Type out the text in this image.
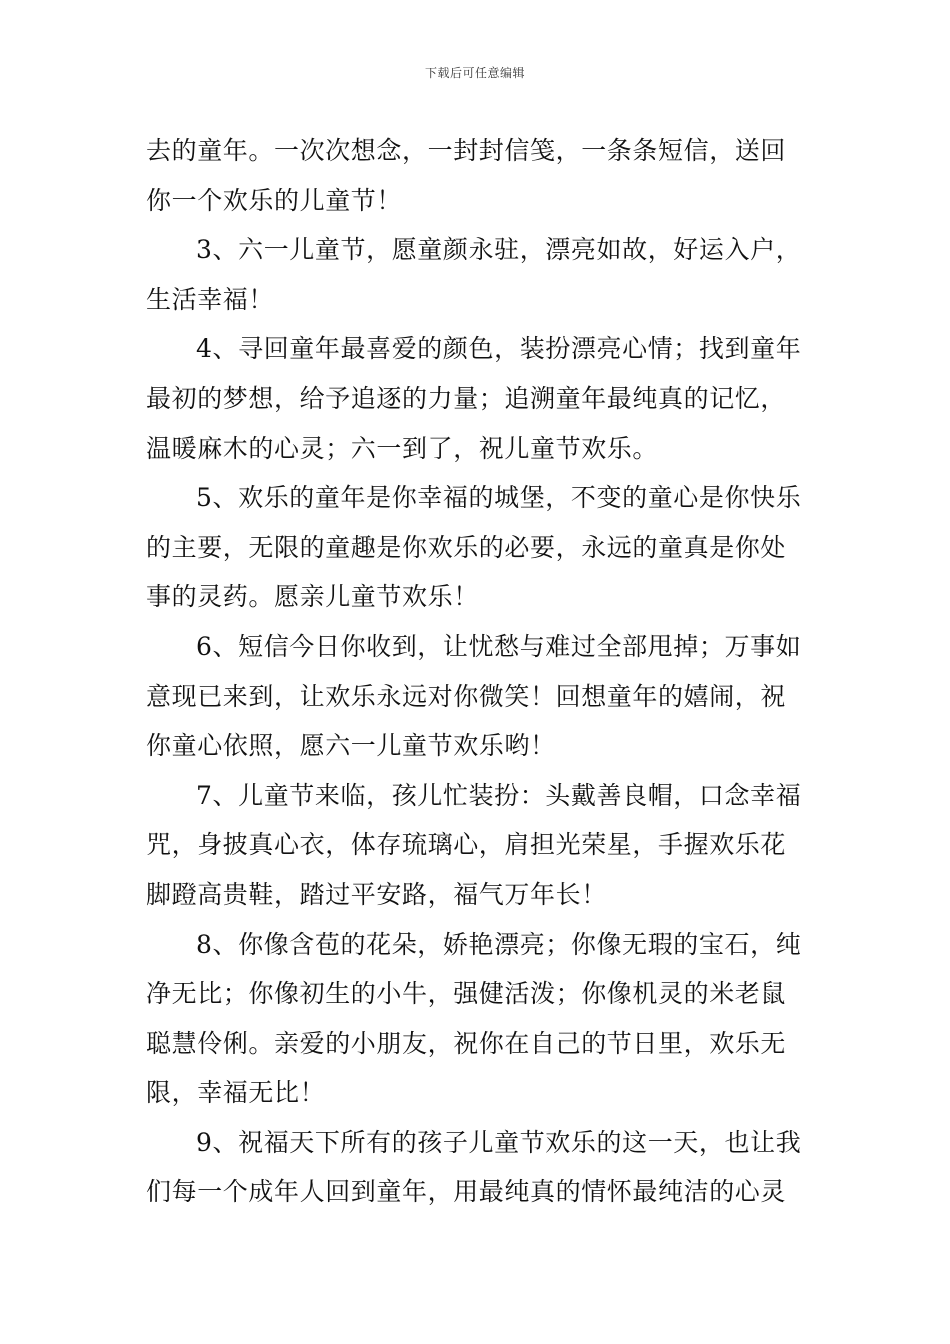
下载后可任意编辑

去的童年。一次次想念，一封封信笺，一条条短信，送回
你一个欢乐的儿童节！

3、六一儿童节，愿童颜永驻，漂亮如故，好运入户，
生活幸福！

4、寻回童年最喜爱的颜色，装扮漂亮心情；找到童年
最初的梦想，给予追逐的力量；追溯童年最纯真的记忆，
温暖麻木的心灵；六一到了，祝儿童节欢乐。

5、欢乐的童年是你幸福的城堡，不变的童心是你快乐
的主要，无限的童趣是你欢乐的必要，永远的童真是你处
事的灵药。愿亲儿童节欢乐！

6、短信今日你收到，让忧愁与难过全部甩掉；万事如
意现已来到，让欢乐永远对你微笑！回想童年的嬉闹，祝
你童心依照，愿六一儿童节欢乐哟！

7、儿童节来临，孩儿忙装扮：头戴善良帽，口念幸福
咒，身披真心衣，体存琉璃心，肩担光荣星，手握欢乐花
脚蹬高贵鞋，踏过平安路，福气万年长！

8、你像含苞的花朵，娇艳漂亮；你像无瑕的宝石，纯
净无比；你像初生的小牛，强健活泼；你像机灵的米老鼠
聪慧伶俐。亲爱的小朋友，祝你在自己的节日里，欢乐无
限，幸福无比！

9、祝福天下所有的孩子儿童节欢乐的这一天，也让我
们每一个成年人回到童年，用最纯真的情怀最纯洁的心灵
